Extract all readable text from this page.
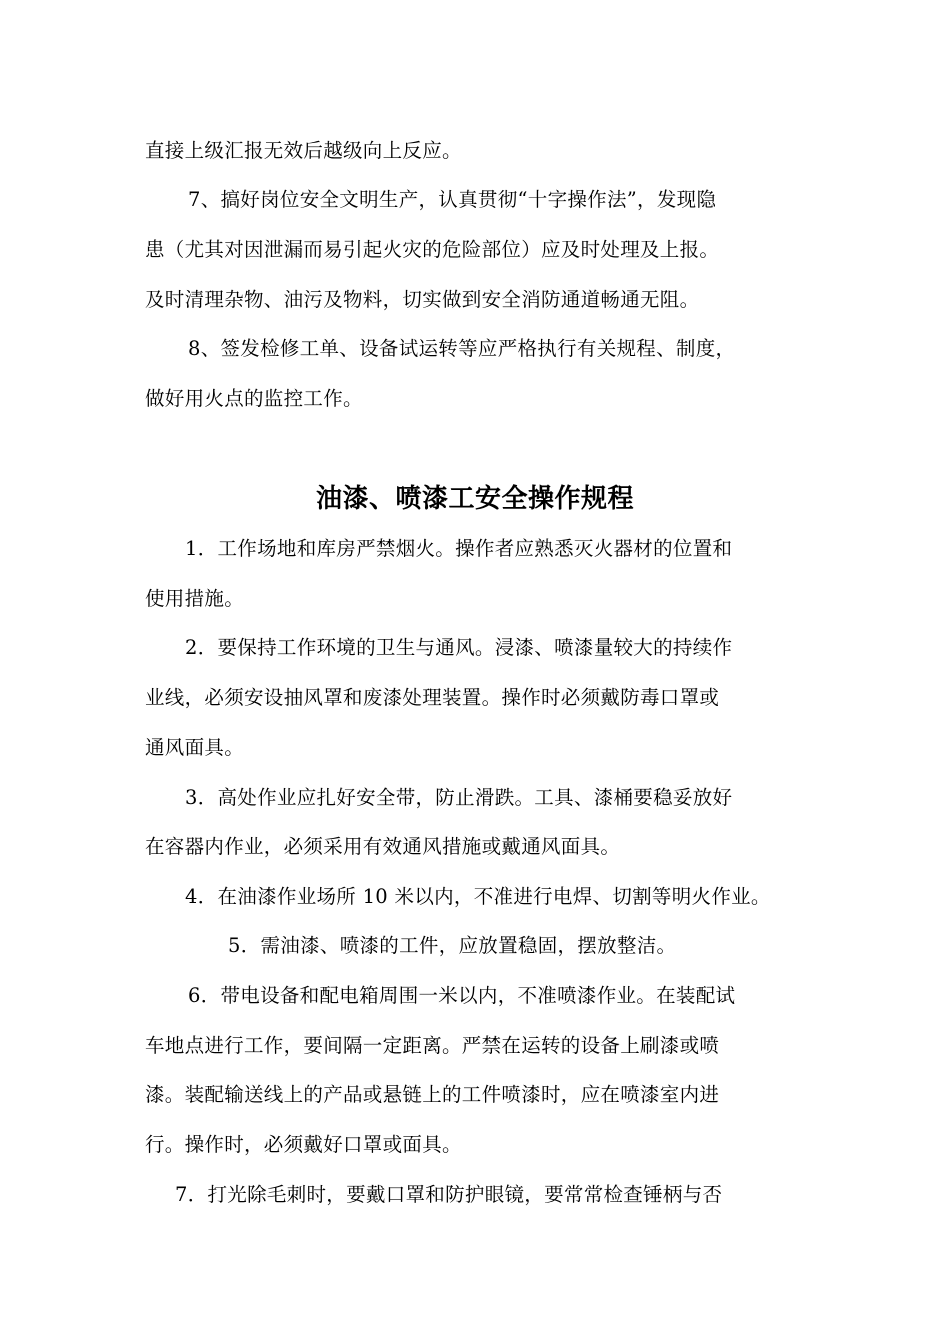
直接上级汇报无效后越级向上反应。
7、搞好岗位安全文明生产，认真贯彻“十字操作法”，发现隐
患（尤其对因泄漏而易引起火灾的危险部位）应及时处理及上报。
及时清理杂物、油污及物料，切实做到安全消防通道畅通无阻。
8、签发检修工单、设备试运转等应严格执行有关规程、制度，
做好用火点的监控工作。
油漆、喷漆工安全操作规程
1．工作场地和库房严禁烟火。操作者应熟悉灭火器材的位置和
使用措施。
2．要保持工作环境的卫生与通风。浸漆、喷漆量较大的持续作
业线，必须安设抽风罩和废漆处理装置。操作时必须戴防毒口罩或
通风面具。
3．高处作业应扎好安全带，防止滑跌。工具、漆桶要稳妥放好
在容器内作业，必须采用有效通风措施或戴通风面具。
4．在油漆作业场所 10 米以内，不准进行电焊、切割等明火作业。
5．需油漆、喷漆的工件，应放置稳固，摆放整洁。
6．带电设备和配电箱周围一米以内，不准喷漆作业。在装配试
车地点进行工作，要间隔一定距离。严禁在运转的设备上刷漆或喷
漆。装配输送线上的产品或悬链上的工件喷漆时，应在喷漆室内进
行。操作时，必须戴好口罩或面具。
7．打光除毛刺时，要戴口罩和防护眼镜，要常常检查锤柄与否
